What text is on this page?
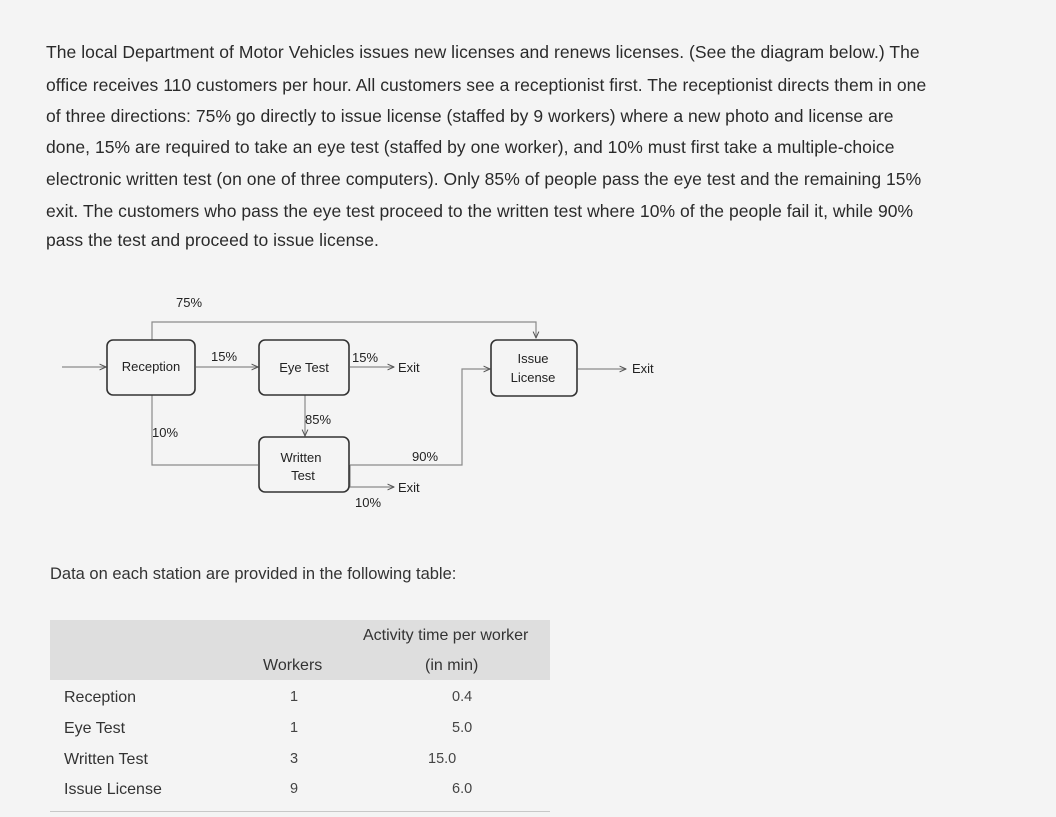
The local Department of Motor Vehicles issues new licenses and renews licenses. (See the diagram below.) The
office receives 110 customers per hour. All customers see a receptionist first. The receptionist directs them in one
of three directions: 75% go directly to issue license (staffed by 9 workers) where a new photo and license are
done, 15% are required to take an eye test (staffed by one worker), and 10% must first take a multiple-choice
electronic written test (on one of three computers). Only 85% of people pass the eye test and the remaining 15%
exit. The customers who pass the eye test proceed to the written test where 10% of the people fail it, while 90%
pass the test and proceed to issue license.
Reception	Eye Test
Written
Test
Issue
License
75%
15%	15%
85%
10%
90%
10%
Exit
Exit
Exit
Data on each station are provided in the following table:
Activity time per worker
Workers	(in min)
Reception	1	0.4
Eye Test	1	5.0
Written Test	3	15.0
Issue License	9	6.0
